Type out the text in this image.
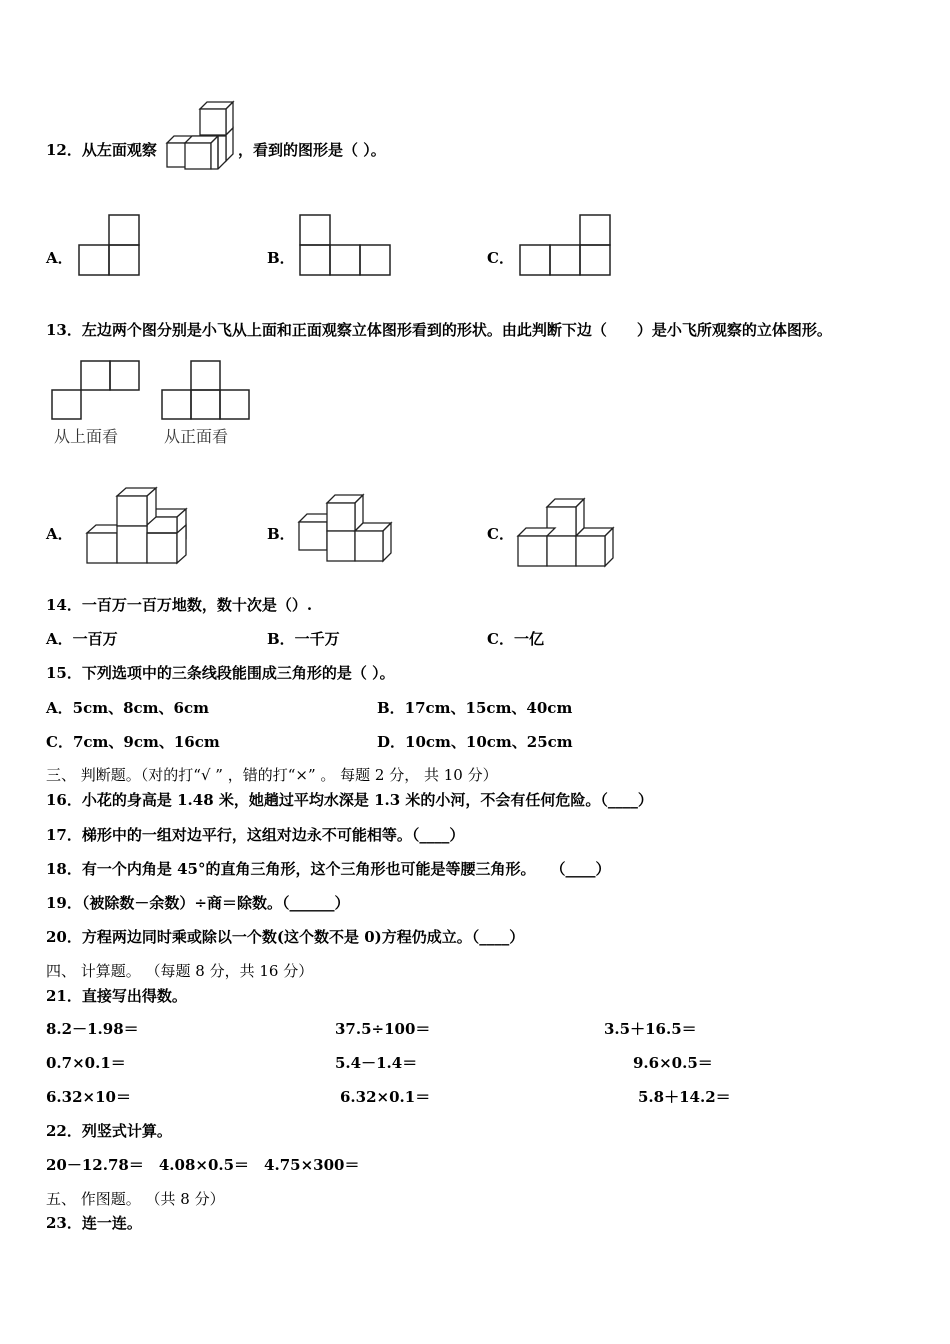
12．从左面观察	，看到的图形是（ ）。
A．	B．	C．
13．左边两个图分别是小飞从上面和正面观察立体图形看到的形状。由此判断下边（　　）是小飞所观察的立体图形。
从上面看	从正面看
A．	B．	C．
14．一百万一百万地数，数十次是（）.
A．一百万	B．一千万	C．一亿
15．下列选项中的三条线段能围成三角形的是（ ）。
A．5cm、8cm、6cm	B．17cm、15cm、40cm
C．7cm、9cm、16cm	D．10cm、10cm、25cm
三、 判断题。（对的打“√ ” ，错的打“×” 。 每题 2 分， 共 10 分）
16．小花的身高是 1.48 米，她趟过平均水深是 1.3 米的小河，不会有任何危险。（____）
17．梯形中的一组对边平行，这组对边永不可能相等。（____）
18．有一个内角是 45°的直角三角形，这个三角形也可能是等腰三角形。　　（____）
19．（被除数－余数）÷商＝除数。（______）
20．方程两边同时乘或除以一个数(这个数不是 0)方程仍成立。（____）
四、 计算题。 （每题 8 分，共 16 分）
21．直接写出得数。
8.2－1.98＝	37.5÷100＝	3.5＋16.5＝
0.7×0.1＝	5.4－1.4＝	9.6×0.5＝
6.32×10＝	6.32×0.1＝	5.8＋14.2＝
22．列竖式计算。
20－12.78＝　4.08×0.5＝　4.75×300＝
五、 作图题。 （共 8 分）
23．连一连。
